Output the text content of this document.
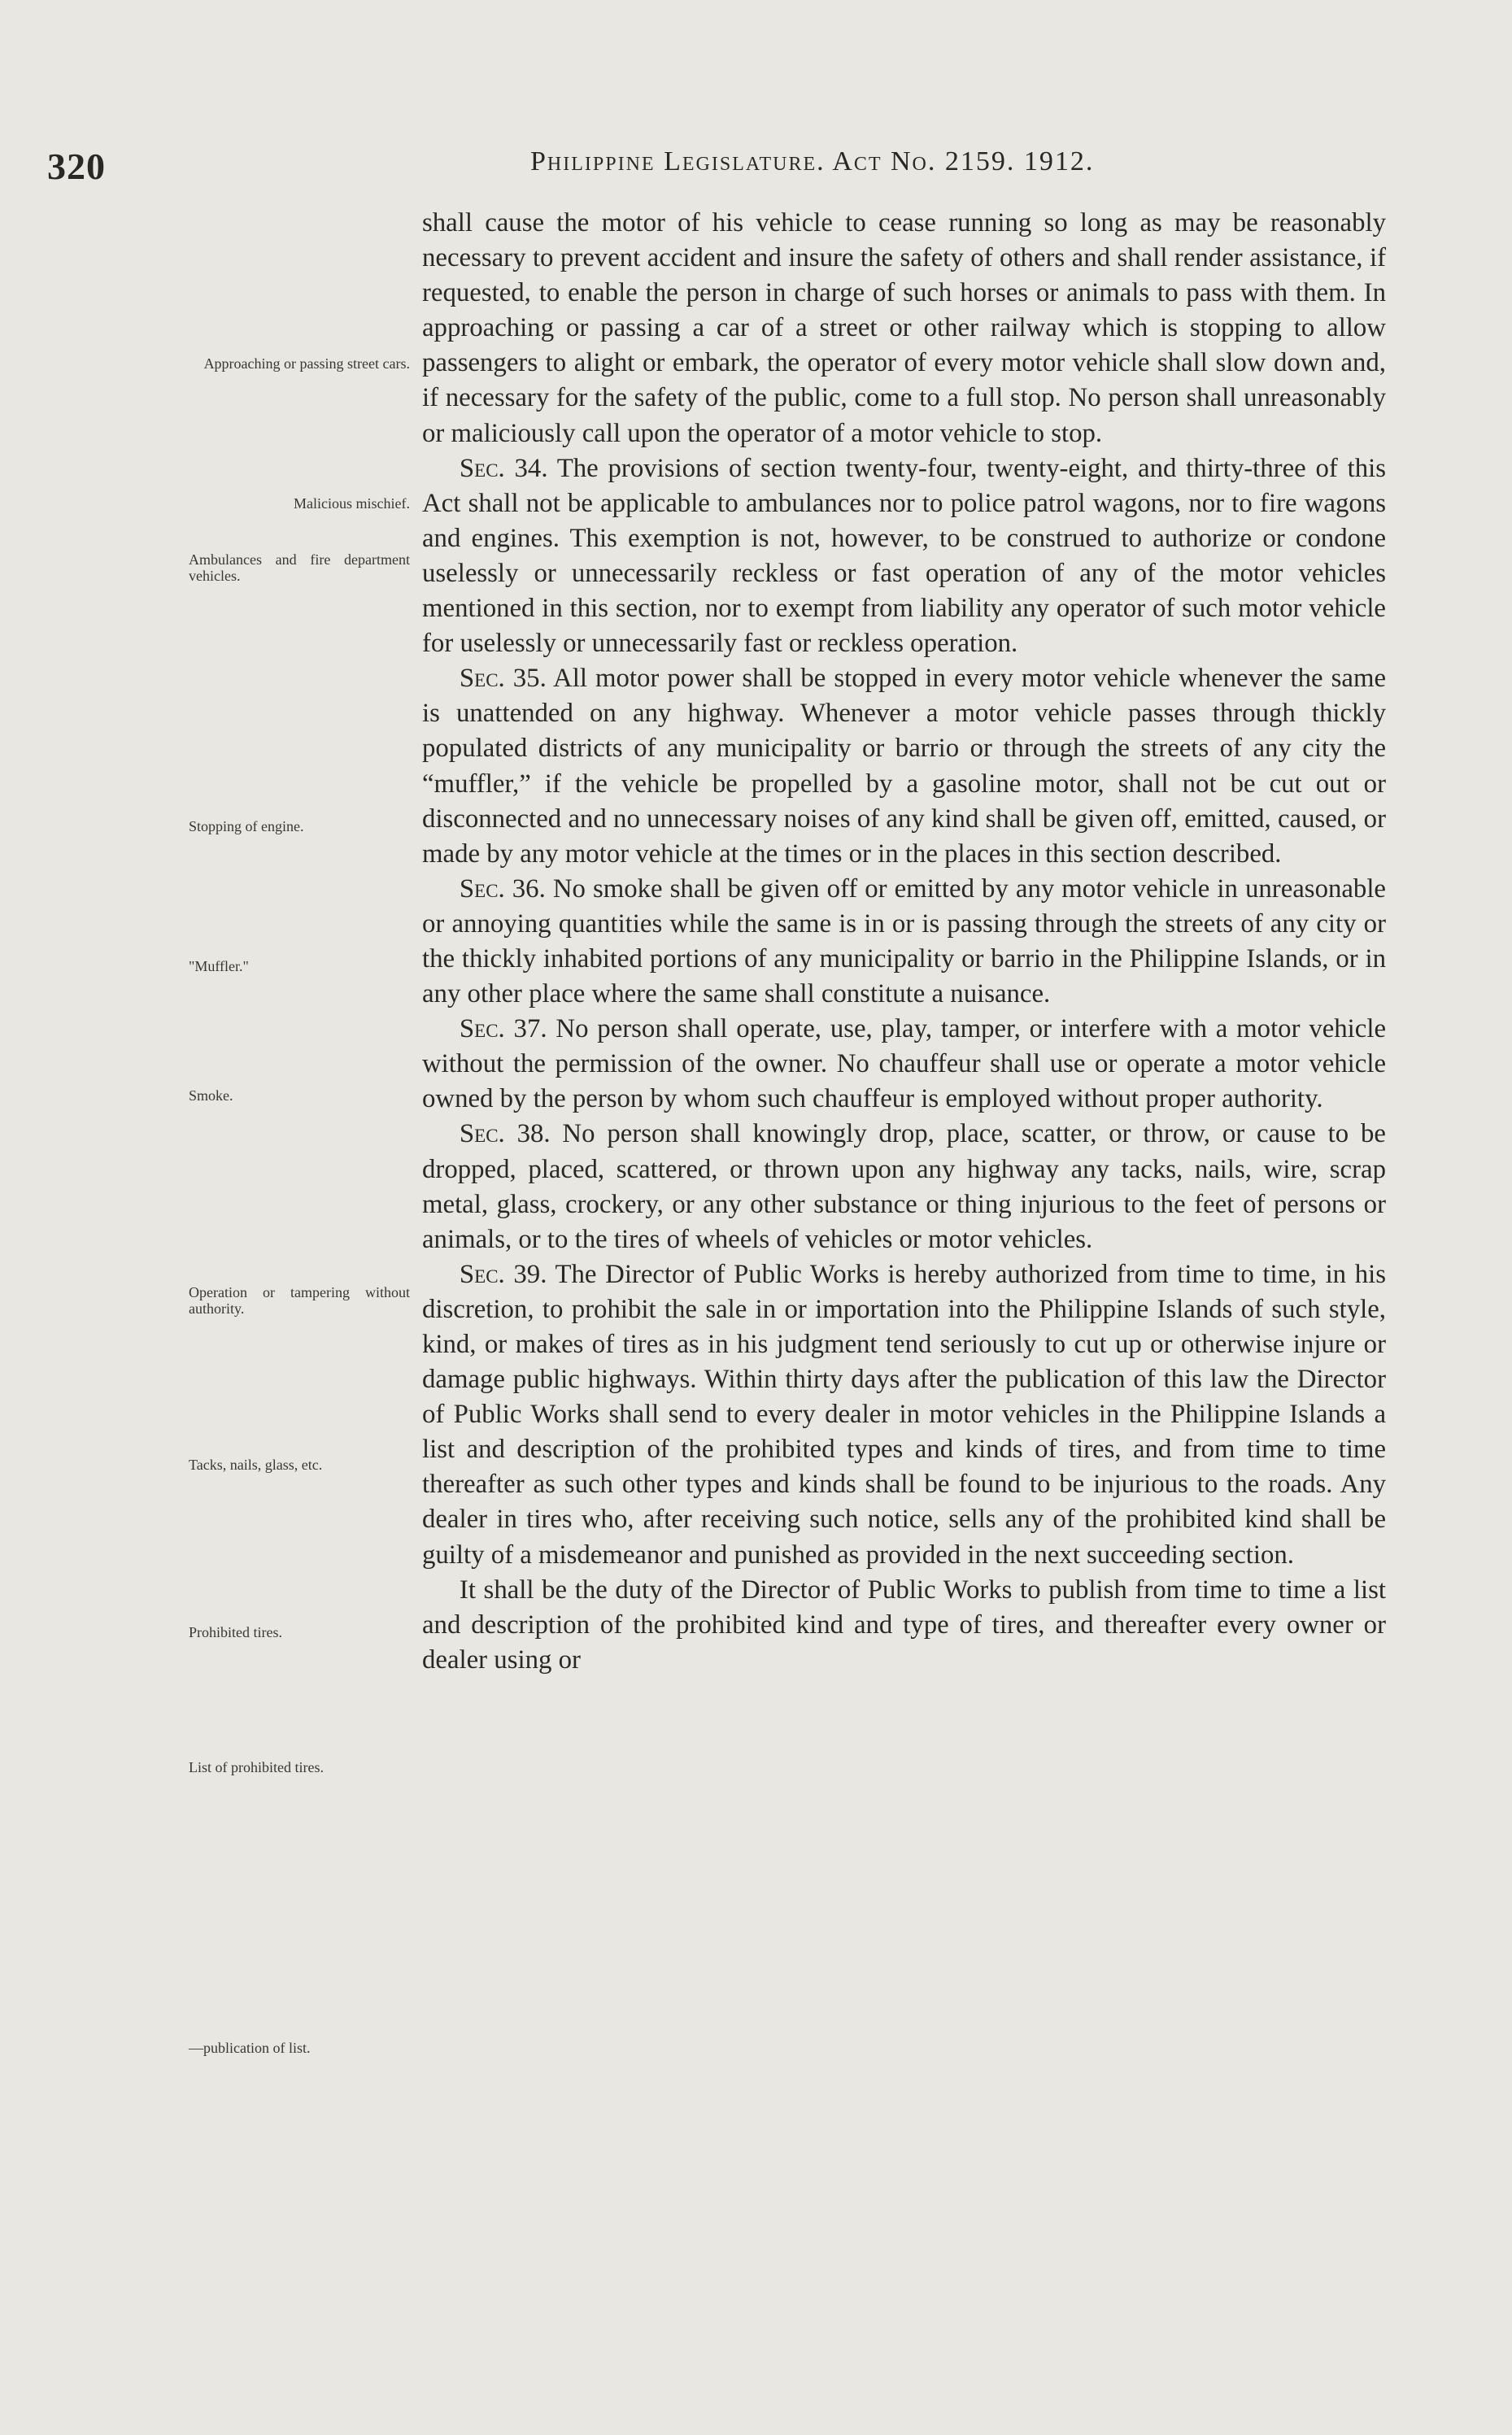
320	Philippine Legislature. Act No. 2159. 1912.
Approaching or passing street cars.
Malicious mischief.
Ambulances and fire department vehicles.
Stopping of engine.
"Muffler."
Smoke.
Operation or tampering without authority.
Tacks, nails, glass, etc.
Prohibited tires.
List of prohibited tires.
—publication of list.

shall cause the motor of his vehicle to cease running so long as may be reasonably necessary to prevent accident and insure the safety of others and shall render assistance, if requested, to enable the person in charge of such horses or animals to pass with them. In approaching or passing a car of a street or other railway which is stopping to allow passengers to alight or embark, the operator of every motor vehicle shall slow down and, if necessary for the safety of the public, come to a full stop. No person shall unreasonably or maliciously call upon the operator of a motor vehicle to stop.

Sec. 34. The provisions of section twenty-four, twenty-eight, and thirty-three of this Act shall not be applicable to ambulances nor to police patrol wagons, nor to fire wagons and engines. This exemption is not, however, to be construed to authorize or condone uselessly or unnecessarily reckless or fast operation of any of the motor vehicles mentioned in this section, nor to exempt from liability any operator of such motor vehicle for uselessly or unnecessarily fast or reckless operation.

Sec. 35. All motor power shall be stopped in every motor vehicle whenever the same is unattended on any highway. Whenever a motor vehicle passes through thickly populated districts of any municipality or barrio or through the streets of any city the “muffler,” if the vehicle be propelled by a gasoline motor, shall not be cut out or disconnected and no unnecessary noises of any kind shall be given off, emitted, caused, or made by any motor vehicle at the times or in the places in this section described.

Sec. 36. No smoke shall be given off or emitted by any motor vehicle in unreasonable or annoying quantities while the same is in or is passing through the streets of any city or the thickly inhabited portions of any municipality or barrio in the Philippine Islands, or in any other place where the same shall constitute a nuisance.

Sec. 37. No person shall operate, use, play, tamper, or interfere with a motor vehicle without the permission of the owner. No chauffeur shall use or operate a motor vehicle owned by the person by whom such chauffeur is employed without proper authority.

Sec. 38. No person shall knowingly drop, place, scatter, or throw, or cause to be dropped, placed, scattered, or thrown upon any highway any tacks, nails, wire, scrap metal, glass, crockery, or any other substance or thing injurious to the feet of persons or animals, or to the tires of wheels of vehicles or motor vehicles.

Sec. 39. The Director of Public Works is hereby authorized from time to time, in his discretion, to prohibit the sale in or importation into the Philippine Islands of such style, kind, or makes of tires as in his judgment tend seriously to cut up or otherwise injure or damage public highways. Within thirty days after the publication of this law the Director of Public Works shall send to every dealer in motor vehicles in the Philippine Islands a list and description of the prohibited types and kinds of tires, and from time to time thereafter as such other types and kinds shall be found to be injurious to the roads. Any dealer in tires who, after receiving such notice, sells any of the prohibited kind shall be guilty of a misdemeanor and punished as provided in the next succeeding section.

It shall be the duty of the Director of Public Works to publish from time to time a list and description of the prohibited kind and type of tires, and thereafter every owner or dealer using or
